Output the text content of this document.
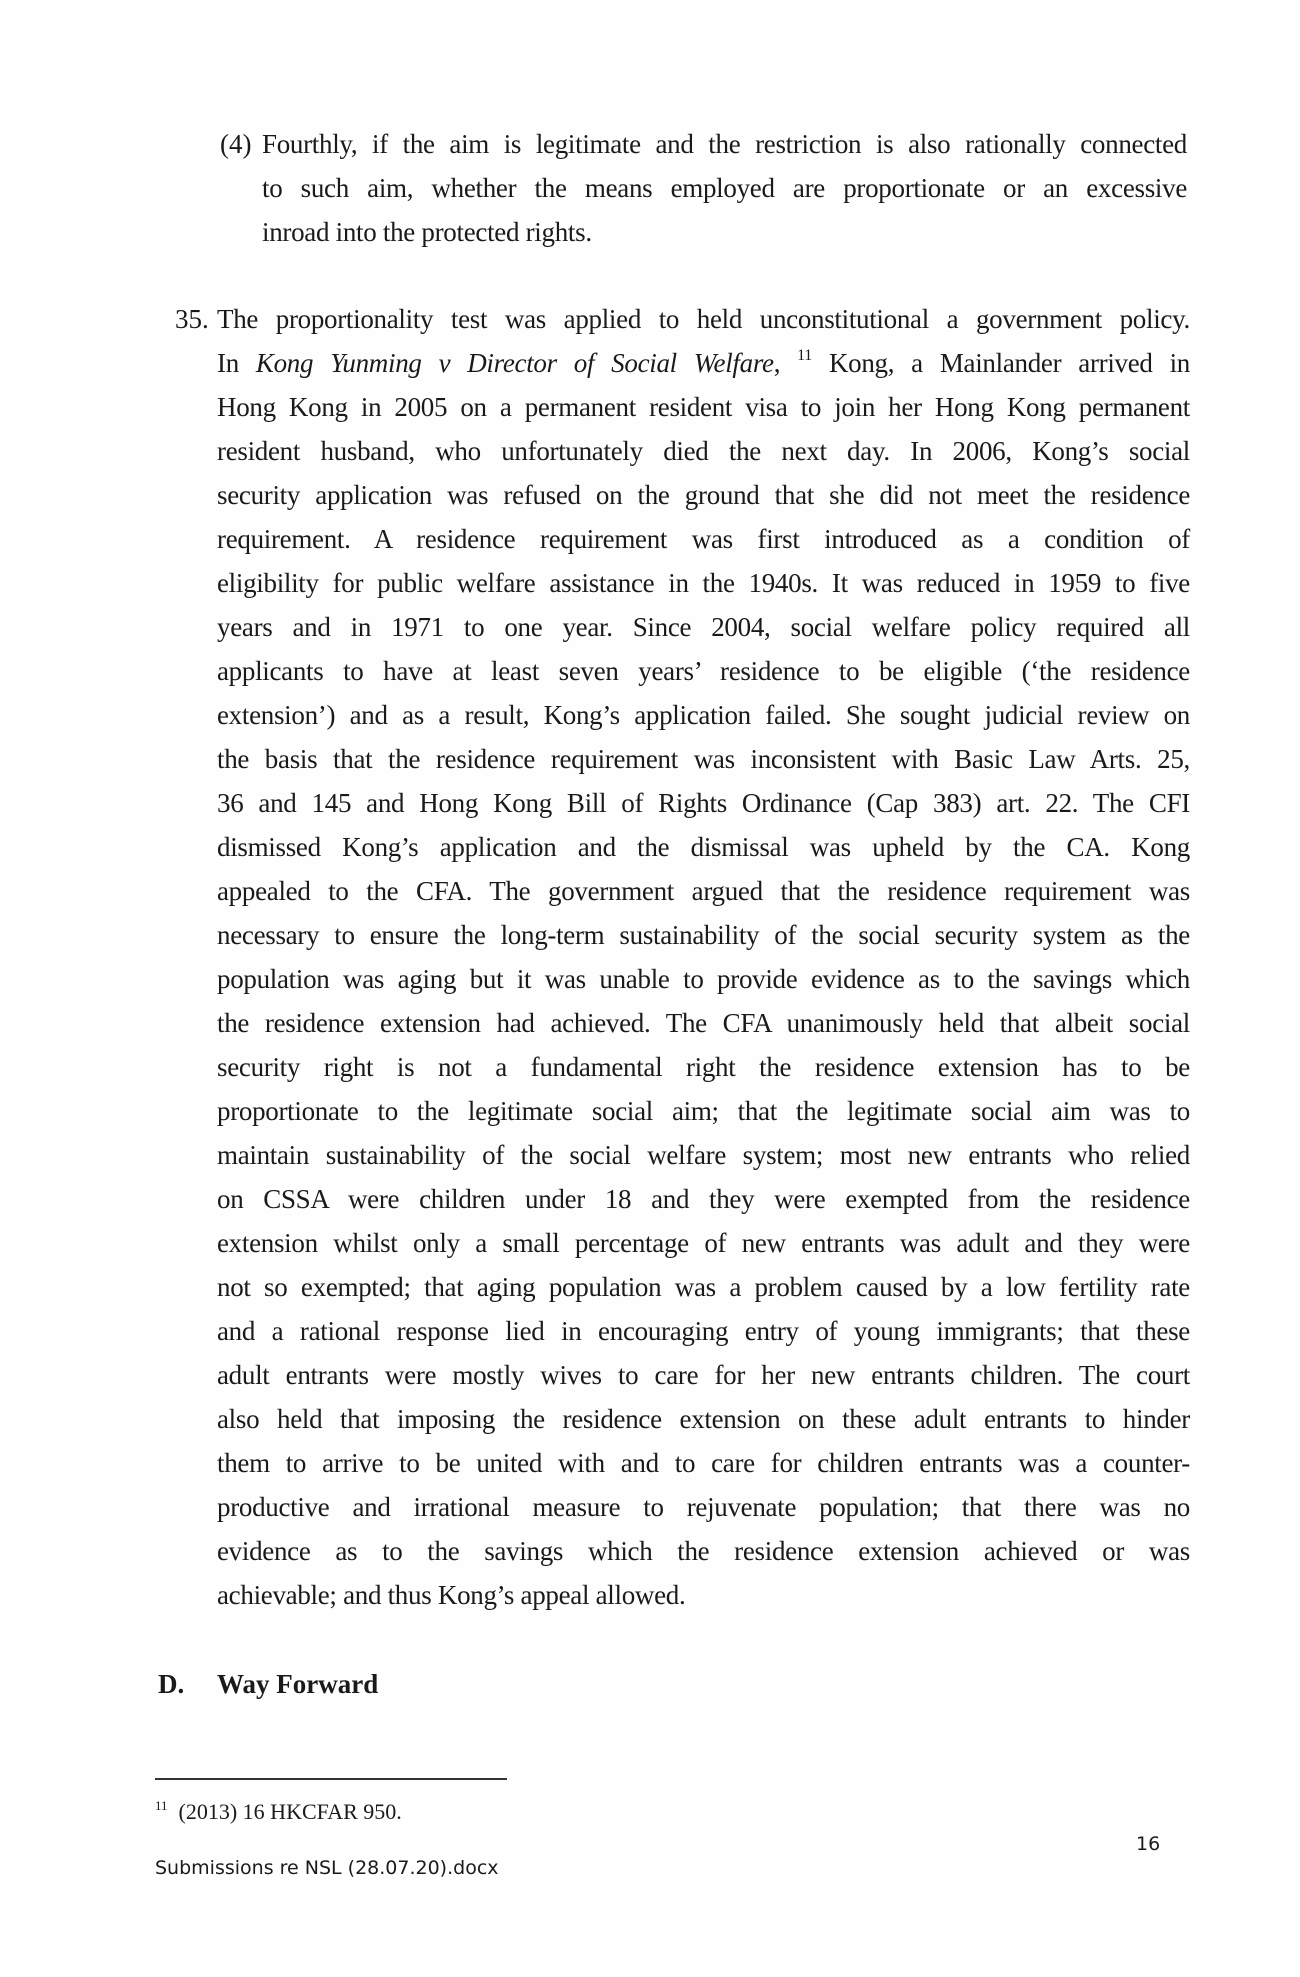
(4) Fourthly, if the aim is legitimate and the restriction is also rationally connected
to such aim, whether the means employed are proportionate or an excessive
inroad into the protected rights.
35. The proportionality test was applied to held unconstitutional a government policy.
In Kong Yunming v Director of Social Welfare, $^{11}$ Kong, a Mainlander arrived in
Hong Kong in 2005 on a permanent resident visa to join her Hong Kong permanent
resident husband, who unfortunately died the next day. In 2006, Kong’s social
security application was refused on the ground that she did not meet the residence
requirement. A residence requirement was first introduced as a condition of
eligibility for public welfare assistance in the 1940s. It was reduced in 1959 to five
years and in 1971 to one year. Since 2004, social welfare policy required all
applicants to have at least seven years’ residence to be eligible (‘the residence
extension’) and as a result, Kong’s application failed. She sought judicial review on
the basis that the residence requirement was inconsistent with Basic Law Arts. 25,
36 and 145 and Hong Kong Bill of Rights Ordinance (Cap 383) art. 22. The CFI
dismissed Kong’s application and the dismissal was upheld by the CA. Kong
appealed to the CFA. The government argued that the residence requirement was
necessary to ensure the long-term sustainability of the social security system as the
population was aging but it was unable to provide evidence as to the savings which
the residence extension had achieved. The CFA unanimously held that albeit social
security right is not a fundamental right the residence extension has to be
proportionate to the legitimate social aim; that the legitimate social aim was to
maintain sustainability of the social welfare system; most new entrants who relied
on CSSA were children under 18 and they were exempted from the residence
extension whilst only a small percentage of new entrants was adult and they were
not so exempted; that aging population was a problem caused by a low fertility rate
and a rational response lied in encouraging entry of young immigrants; that these
adult entrants were mostly wives to care for her new entrants children. The court
also held that imposing the residence extension on these adult entrants to hinder
them to arrive to be united with and to care for children entrants was a counter-
productive and irrational measure to rejuvenate population; that there was no
evidence as to the savings which the residence extension achieved or was
achievable; and thus Kong’s appeal allowed.
D. Way Forward
$^{11}$ (2013) 16 HKCFAR 950.
Submissions re NSL (28.07.20).docx
16
